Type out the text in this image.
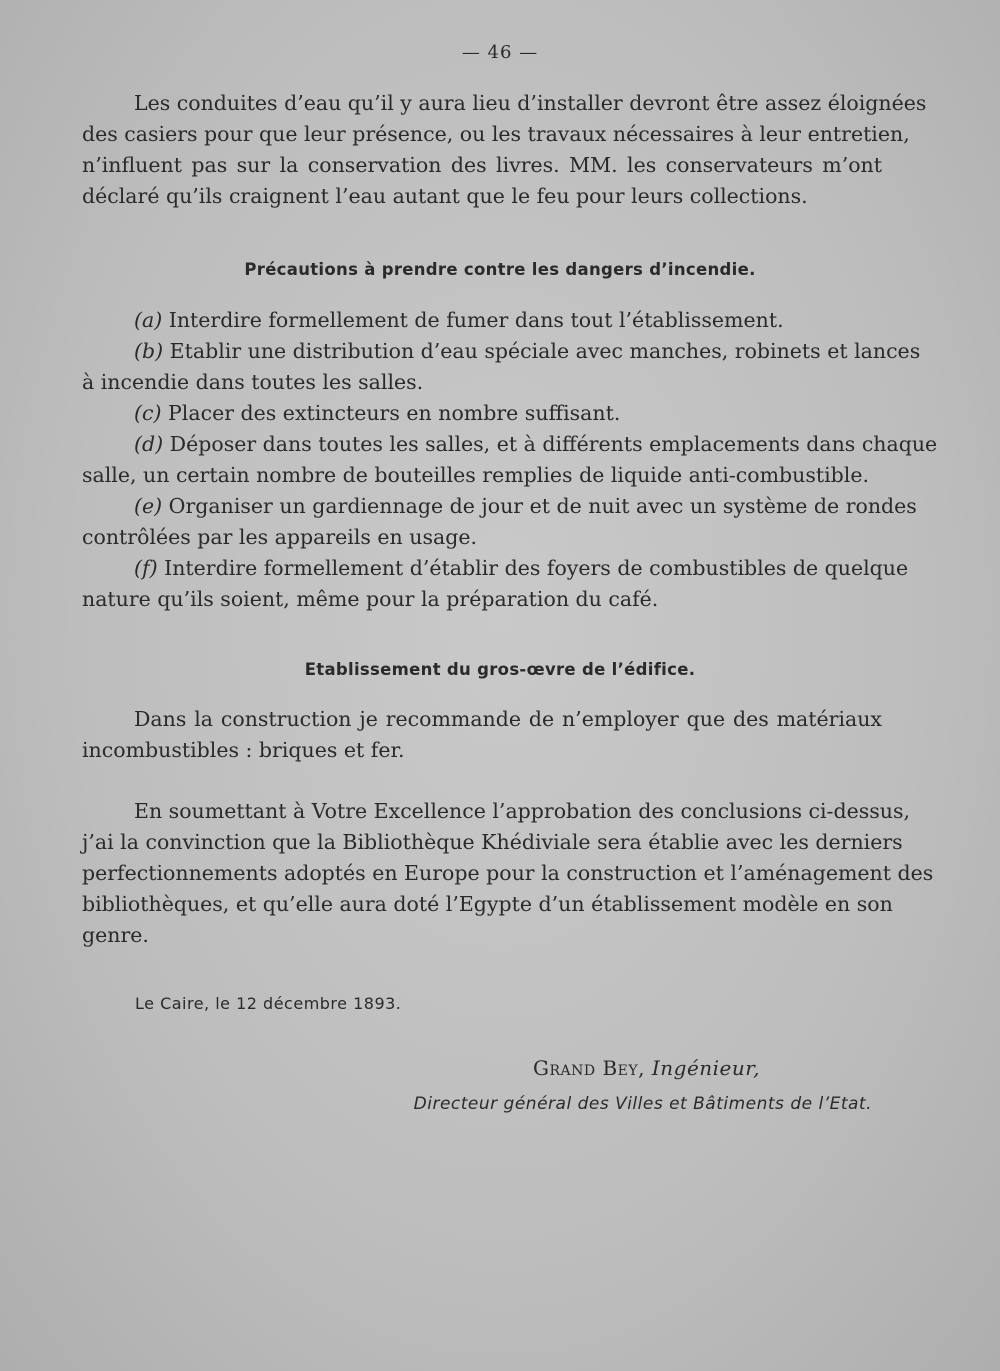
— 46 —
Les conduites d’eau qu’il y aura lieu d’installer devront être assez éloignées
des casiers pour que leur présence, ou les travaux nécessaires à leur entretien,
n’influent pas sur la conservation des livres. MM. les conservateurs m’ont
déclaré qu’ils craignent l’eau autant que le feu pour leurs collections.
Précautions à prendre contre les dangers d’incendie.
(a) Interdire formellement de fumer dans tout l’établissement.
(b) Etablir une distribution d’eau spéciale avec manches, robinets et lances
à incendie dans toutes les salles.
(c) Placer des extincteurs en nombre suffisant.
(d) Déposer dans toutes les salles, et à différents emplacements dans chaque
salle, un certain nombre de bouteilles remplies de liquide anti-combustible.
(e) Organiser un gardiennage de jour et de nuit avec un système de rondes
contrôlées par les appareils en usage.
(f) Interdire formellement d’établir des foyers de combustibles de quelque
nature qu’ils soient, même pour la préparation du café.
Etablissement du gros-œvre de l’édifice.
Dans la construction je recommande de n’employer que des matériaux
incombustibles : briques et fer.
En soumettant à Votre Excellence l’approbation des conclusions ci-dessus,
j’ai la convinction que la Bibliothèque Khédiviale sera établie avec les derniers
perfectionnements adoptés en Europe pour la construction et l’aménagement des
bibliothèques, et qu’elle aura doté l’Egypte d’un établissement modèle en son
genre.
Le Caire, le 12 décembre 1893.
Grand Bey, Ingénieur,
Directeur général des Villes et Bâtiments de l’Etat.
